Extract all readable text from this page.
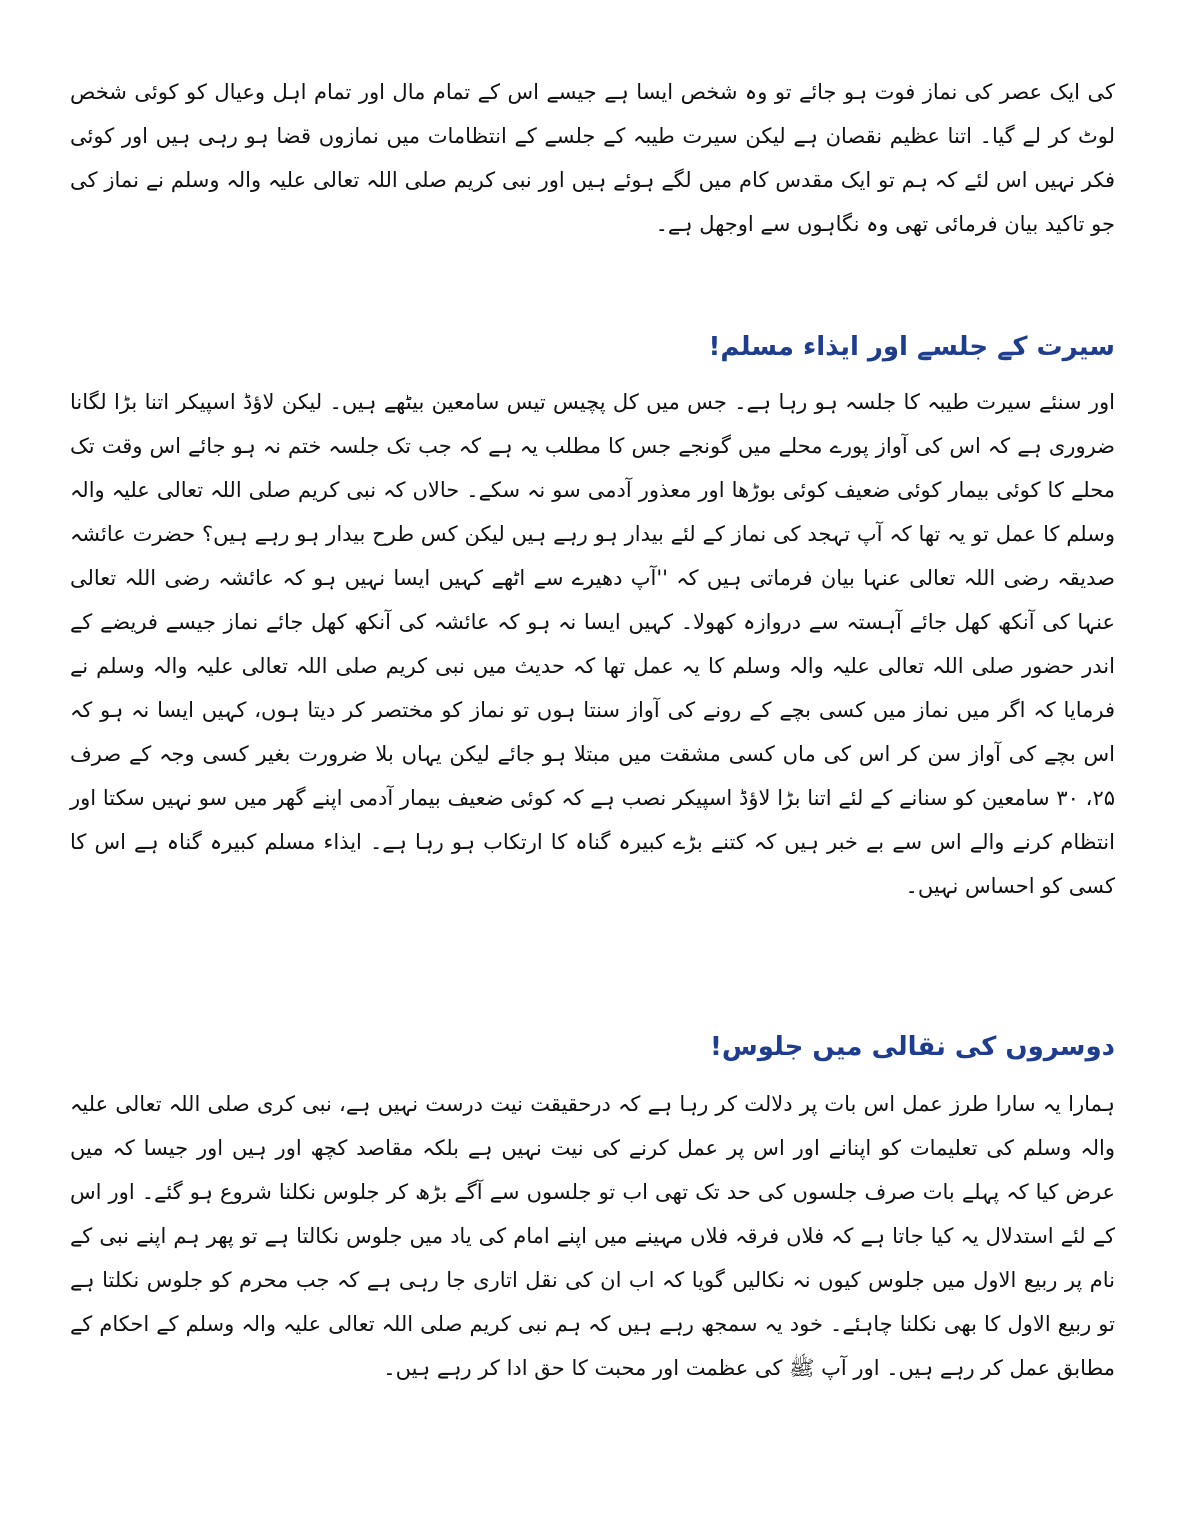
کی ایک عصر کی نماز فوت ہو جائے تو وہ شخص ایسا ہے جیسے اس کے تمام مال اور تمام اہل وعیال کو کوئی شخص لوٹ کر لے گیا۔ اتنا عظیم نقصان ہے لیکن سیرت طیبہ کے جلسے کے انتظامات میں نمازوں قضا ہو رہی ہیں اور کوئی فکر نہیں اس لئے کہ ہم تو ایک مقدس کام میں لگے ہوئے ہیں اور نبی کریم صلی اللہ تعالی علیہ والہ وسلم نے نماز کی جو تاکید بیان فرمائی تھی وہ نگاہوں سے اوجھل ہے۔

سیرت کے جلسے اور ایذاء مسلم!

اور سنئے سیرت طیبہ کا جلسہ ہو رہا ہے۔ جس میں کل پچیس تیس سامعین بیٹھے ہیں۔ لیکن لاؤڈ اسپیکر اتنا بڑا لگانا ضروری ہے کہ اس کی آواز پورے محلے میں گونجے جس کا مطلب یہ ہے کہ جب تک جلسہ ختم نہ ہو جائے اس وقت تک محلے کا کوئی بیمار کوئی ضعیف کوئی بوڑھا اور معذور آدمی سو نہ سکے۔ حالاں کہ نبی کریم صلی اللہ تعالی علیہ والہ وسلم کا عمل تو یہ تھا کہ آپ تہجد کی نماز کے لئے بیدار ہو رہے ہیں لیکن کس طرح بیدار ہو رہے ہیں؟ حضرت عائشہ صدیقہ رضی اللہ تعالی عنہا بیان فرماتی ہیں کہ ''آپ دھیرے سے اٹھے کہیں ایسا نہیں ہو کہ عائشہ رضی اللہ تعالی عنہا کی آنکھ کھل جائے آہستہ سے دروازہ کھولا۔ کہیں ایسا نہ ہو کہ عائشہ کی آنکھ کھل جائے نماز جیسے فریضے کے اندر حضور صلی اللہ تعالی علیہ والہ وسلم کا یہ عمل تھا کہ حدیث میں نبی کریم صلی اللہ تعالی علیہ والہ وسلم نے فرمایا کہ اگر میں نماز میں کسی بچے کے رونے کی آواز سنتا ہوں تو نماز کو مختصر کر دیتا ہوں، کہیں ایسا نہ ہو کہ اس بچے کی آواز سن کر اس کی ماں کسی مشقت میں مبتلا ہو جائے لیکن یہاں بلا ضرورت بغیر کسی وجہ کے صرف ۲۵، ۳۰ سامعین کو سنانے کے لئے اتنا بڑا لاؤڈ اسپیکر نصب ہے کہ کوئی ضعیف بیمار آدمی اپنے گھر میں سو نہیں سکتا اور انتظام کرنے والے اس سے بے خبر ہیں کہ کتنے بڑے کبیرہ گناہ کا ارتکاب ہو رہا ہے۔ ایذاء مسلم کبیرہ گناہ ہے اس کا کسی کو احساس نہیں۔

دوسروں کی نقالی میں جلوس!

ہمارا یہ سارا طرز عمل اس بات پر دلالت کر رہا ہے کہ درحقیقت نیت درست نہیں ہے، نبی کری صلی اللہ تعالی علیہ والہ وسلم کی تعلیمات کو اپنانے اور اس پر عمل کرنے کی نیت نہیں ہے بلکہ مقاصد کچھ اور ہیں اور جیسا کہ میں عرض کیا کہ پہلے بات صرف جلسوں کی حد تک تھی اب تو جلسوں سے آگے بڑھ کر جلوس نکلنا شروع ہو گئے۔ اور اس کے لئے استدلال یہ کیا جاتا ہے کہ فلاں فرقہ فلاں مہینے میں اپنے امام کی یاد میں جلوس نکالتا ہے تو پھر ہم اپنے نبی کے نام پر ربیع الاول میں جلوس کیوں نہ نکالیں گویا کہ اب ان کی نقل اتاری جا رہی ہے کہ جب محرم کو جلوس نکلتا ہے تو ربیع الاول کا بھی نکلنا چاہئے۔ خود یہ سمجھ رہے ہیں کہ ہم نبی کریم صلی اللہ تعالی علیہ والہ وسلم کے احکام کے مطابق عمل کر رہے ہیں۔ اور آپ ﷺ کی عظمت اور محبت کا حق ادا کر رہے ہیں۔
